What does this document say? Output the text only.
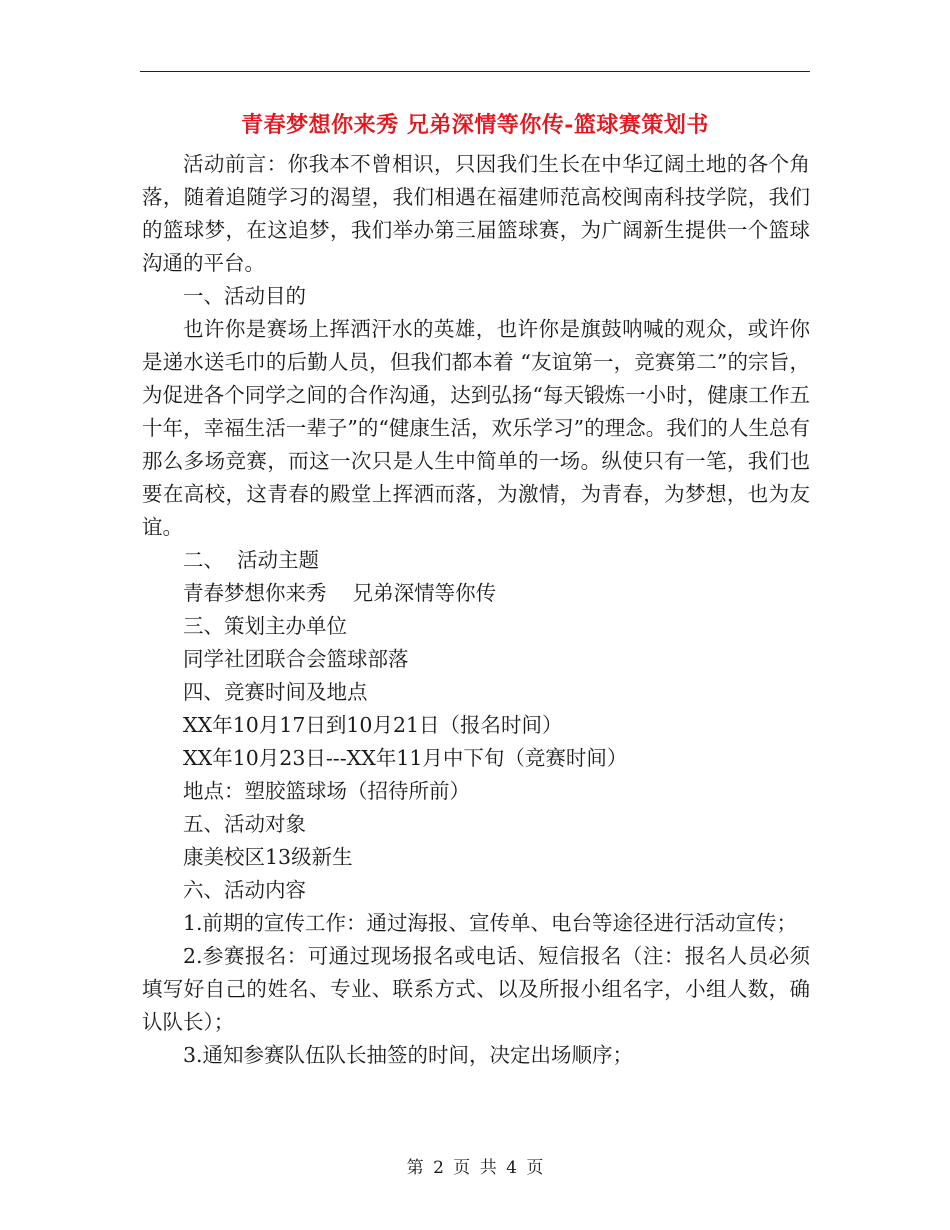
青春梦想你来秀 兄弟深情等你传-篮球赛策划书

活动前言：你我本不曾相识，只因我们生长在中华辽阔土地的各个角落，随着追随学习的渴望，我们相遇在福建师范高校闽南科技学院，我们的篮球梦，在这追梦，我们举办第三届篮球赛，为广阔新生提供一个篮球沟通的平台。

一、活动目的

也许你是赛场上挥洒汗水的英雄，也许你是旗鼓呐喊的观众，或许你是递水送毛巾的后勤人员，但我们都本着 “友谊第一，竞赛第二”的宗旨，为促进各个同学之间的合作沟通，达到弘扬“每天锻炼一小时，健康工作五十年，幸福生活一辈子”的“健康生活，欢乐学习”的理念。我们的人生总有那么多场竞赛，而这一次只是人生中简单的一场。纵使只有一笔，我们也要在高校，这青春的殿堂上挥洒而落，为激情，为青春，为梦想，也为友谊。

二、  活动主题

青春梦想你来秀    兄弟深情等你传

三、策划主办单位

同学社团联合会篮球部落

四、竞赛时间及地点

XX年10月17日到10月21日（报名时间）

XX年10月23日---XX年11月中下旬（竞赛时间）

地点：塑胶篮球场（招待所前）

五、活动对象

康美校区13级新生

六、活动内容

1.前期的宣传工作：通过海报、宣传单、电台等途径进行活动宣传；

2.参赛报名：可通过现场报名或电话、短信报名（注：报名人员必须填写好自己的姓名、专业、联系方式、以及所报小组名字，小组人数，确认队长）；

3.通知参赛队伍队长抽签的时间，决定出场顺序；

第 2 页 共 4 页
